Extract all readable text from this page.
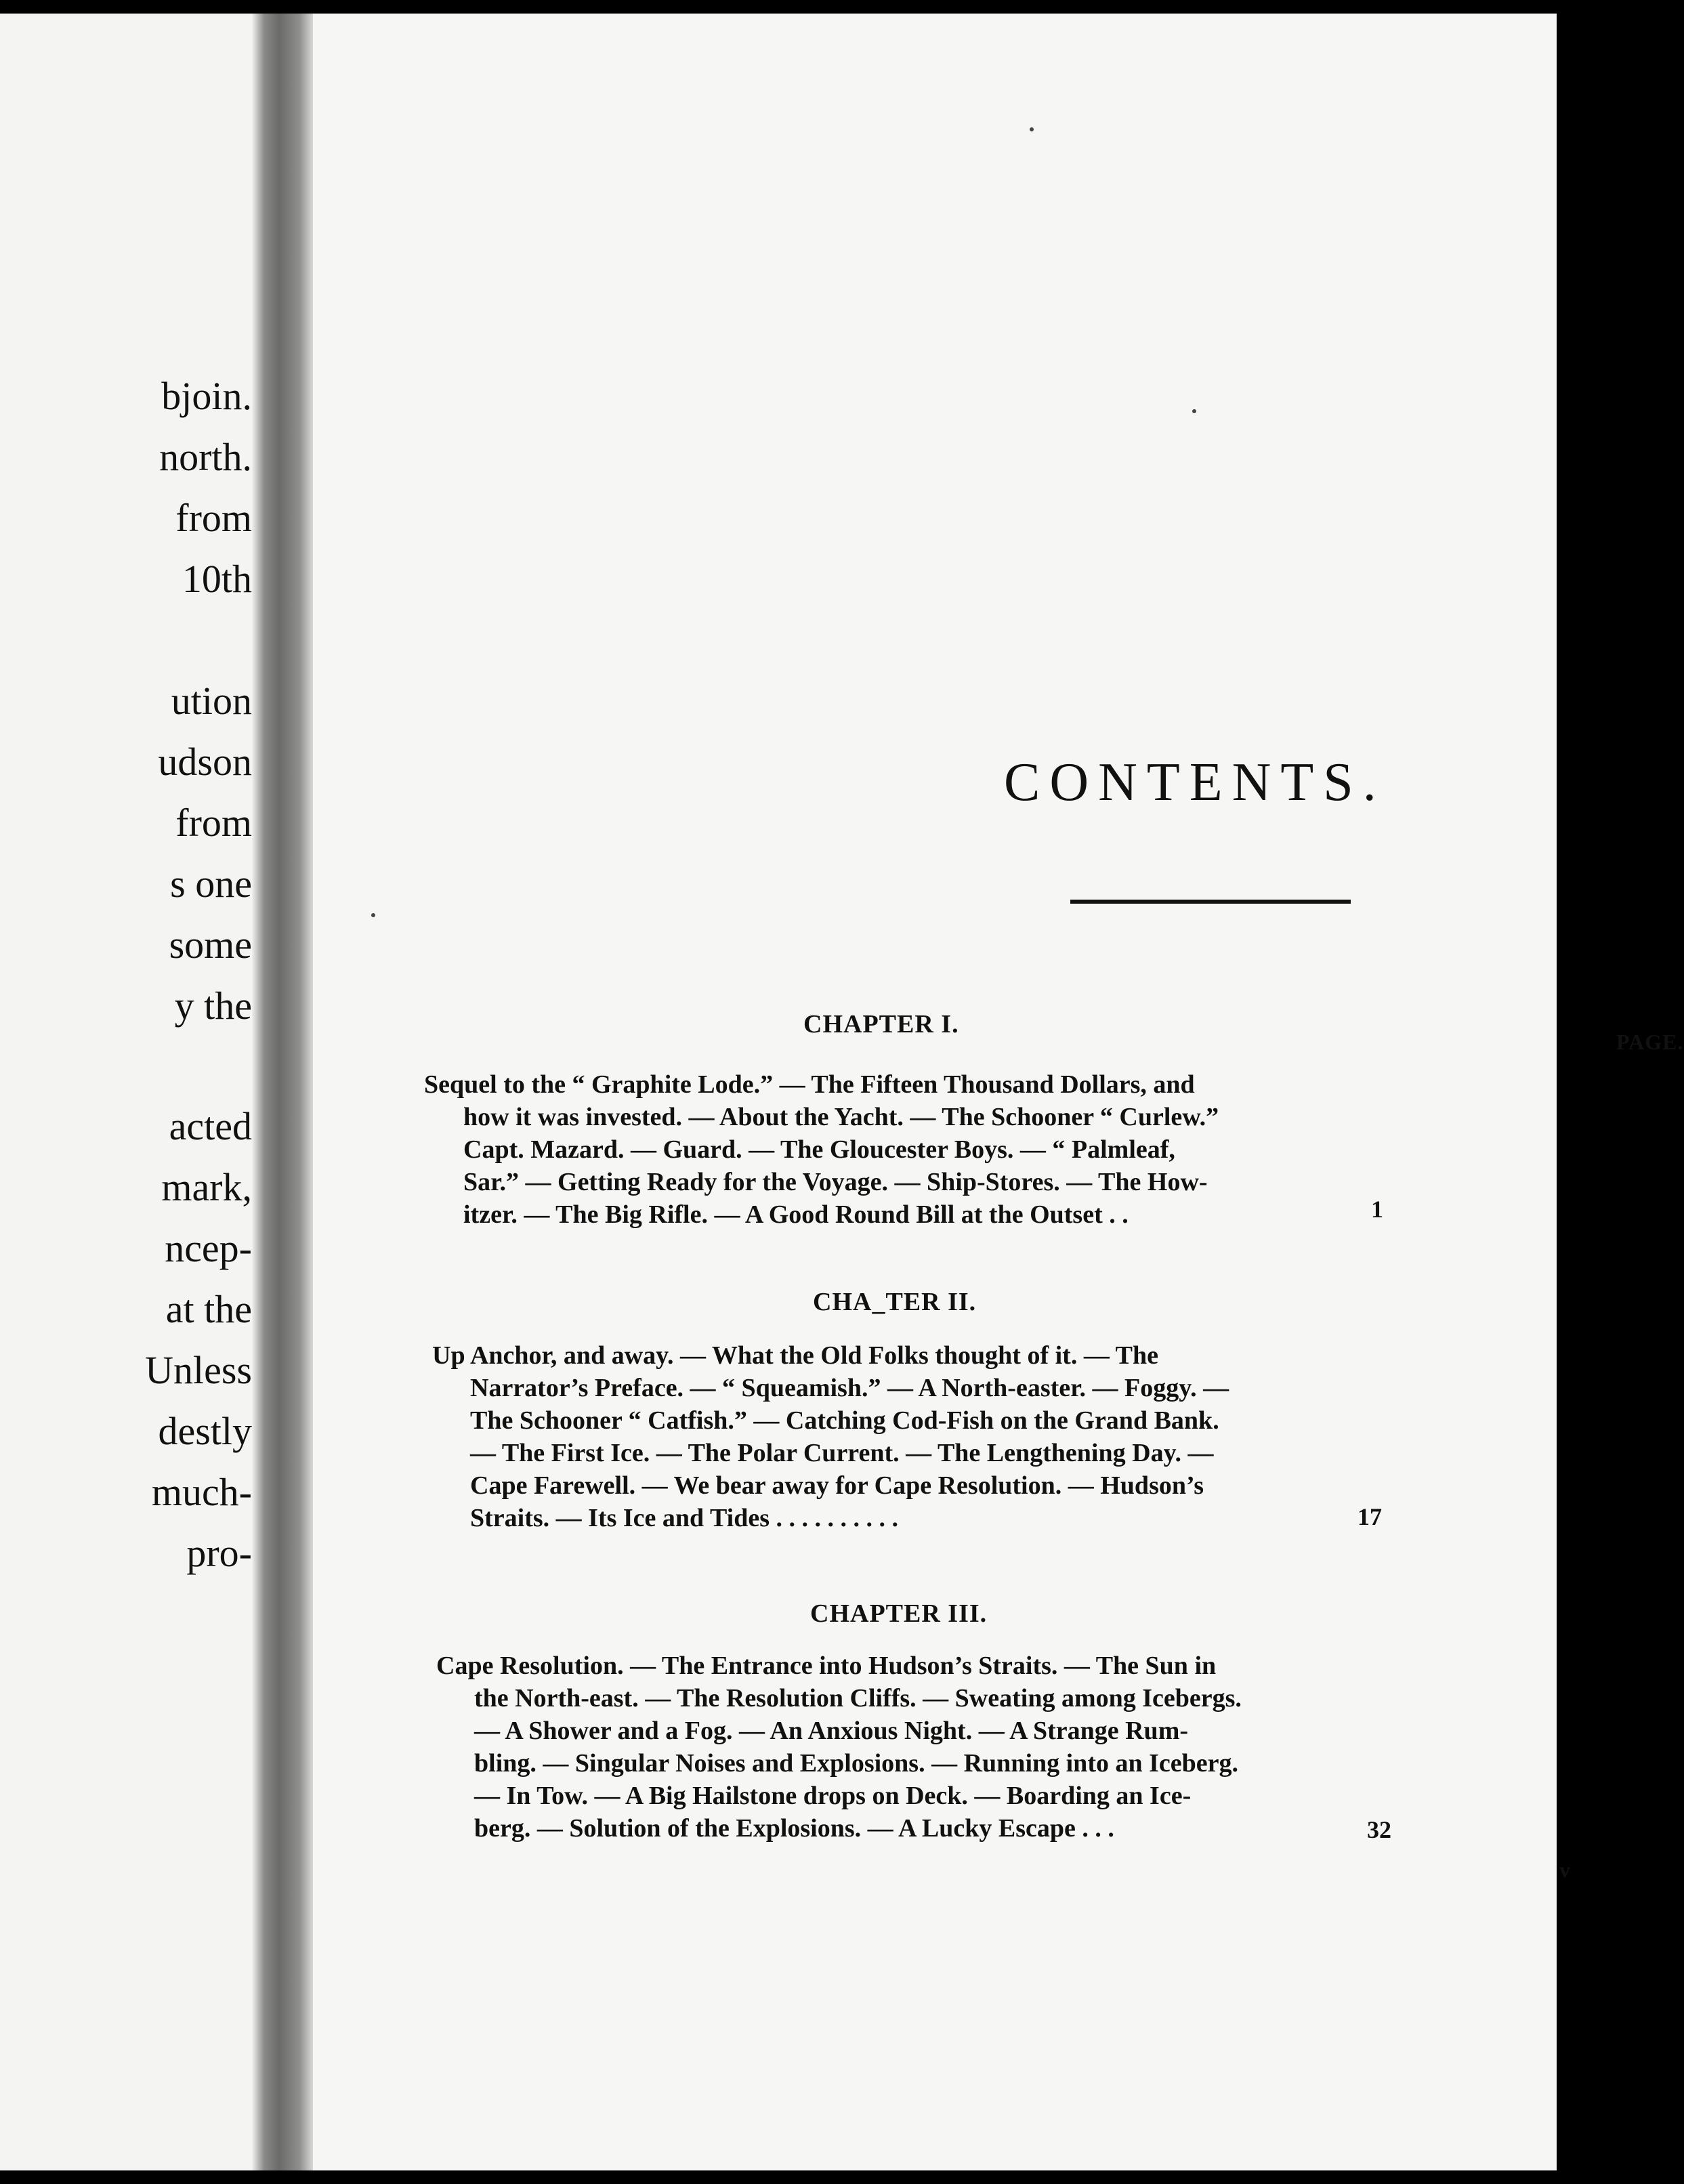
bjoin.
north.
from
10th
ution
udson
from
s one
some
y the
acted
mark,
ncep-
at the
Unless
destly
much-
pro-
CONTENTS.
CHAPTER I.
PAGE.
Sequel to the “ Graphite Lode.” — The Fifteen Thousand Dollars, and
how it was invested. — About the Yacht. — The Schooner “ Curlew.”
Capt. Mazard. — Guard. — The Gloucester Boys. — “ Palmleaf,
Sar.” — Getting Ready for the Voyage. — Ship-Stores. — The How-
itzer. — The Big Rifle. — A Good Round Bill at the Outset . .	1
CHA_TER II.
Up Anchor, and away. — What the Old Folks thought of it. — The
Narrator’s Preface. — “ Squeamish.” — A North-easter. — Foggy. —
The Schooner “ Catfish.” — Catching Cod-Fish on the Grand Bank.
— The First Ice. — The Polar Current. — The Lengthening Day. —
Cape Farewell. — We bear away for Cape Resolution. — Hudson’s
Straits. — Its Ice and Tides . . . . . . . . . .	17
CHAPTER III.
Cape Resolution. — The Entrance into Hudson’s Straits. — The Sun in
the North-east. — The Resolution Cliffs. — Sweating among Icebergs.
— A Shower and a Fog. — An Anxious Night. — A Strange Rum-
bling. — Singular Noises and Explosions. — Running into an Iceberg.
— In Tow. — A Big Hailstone drops on Deck. — Boarding an Ice-
berg. — Solution of the Explosions. — A Lucky Escape . . .	32
v
